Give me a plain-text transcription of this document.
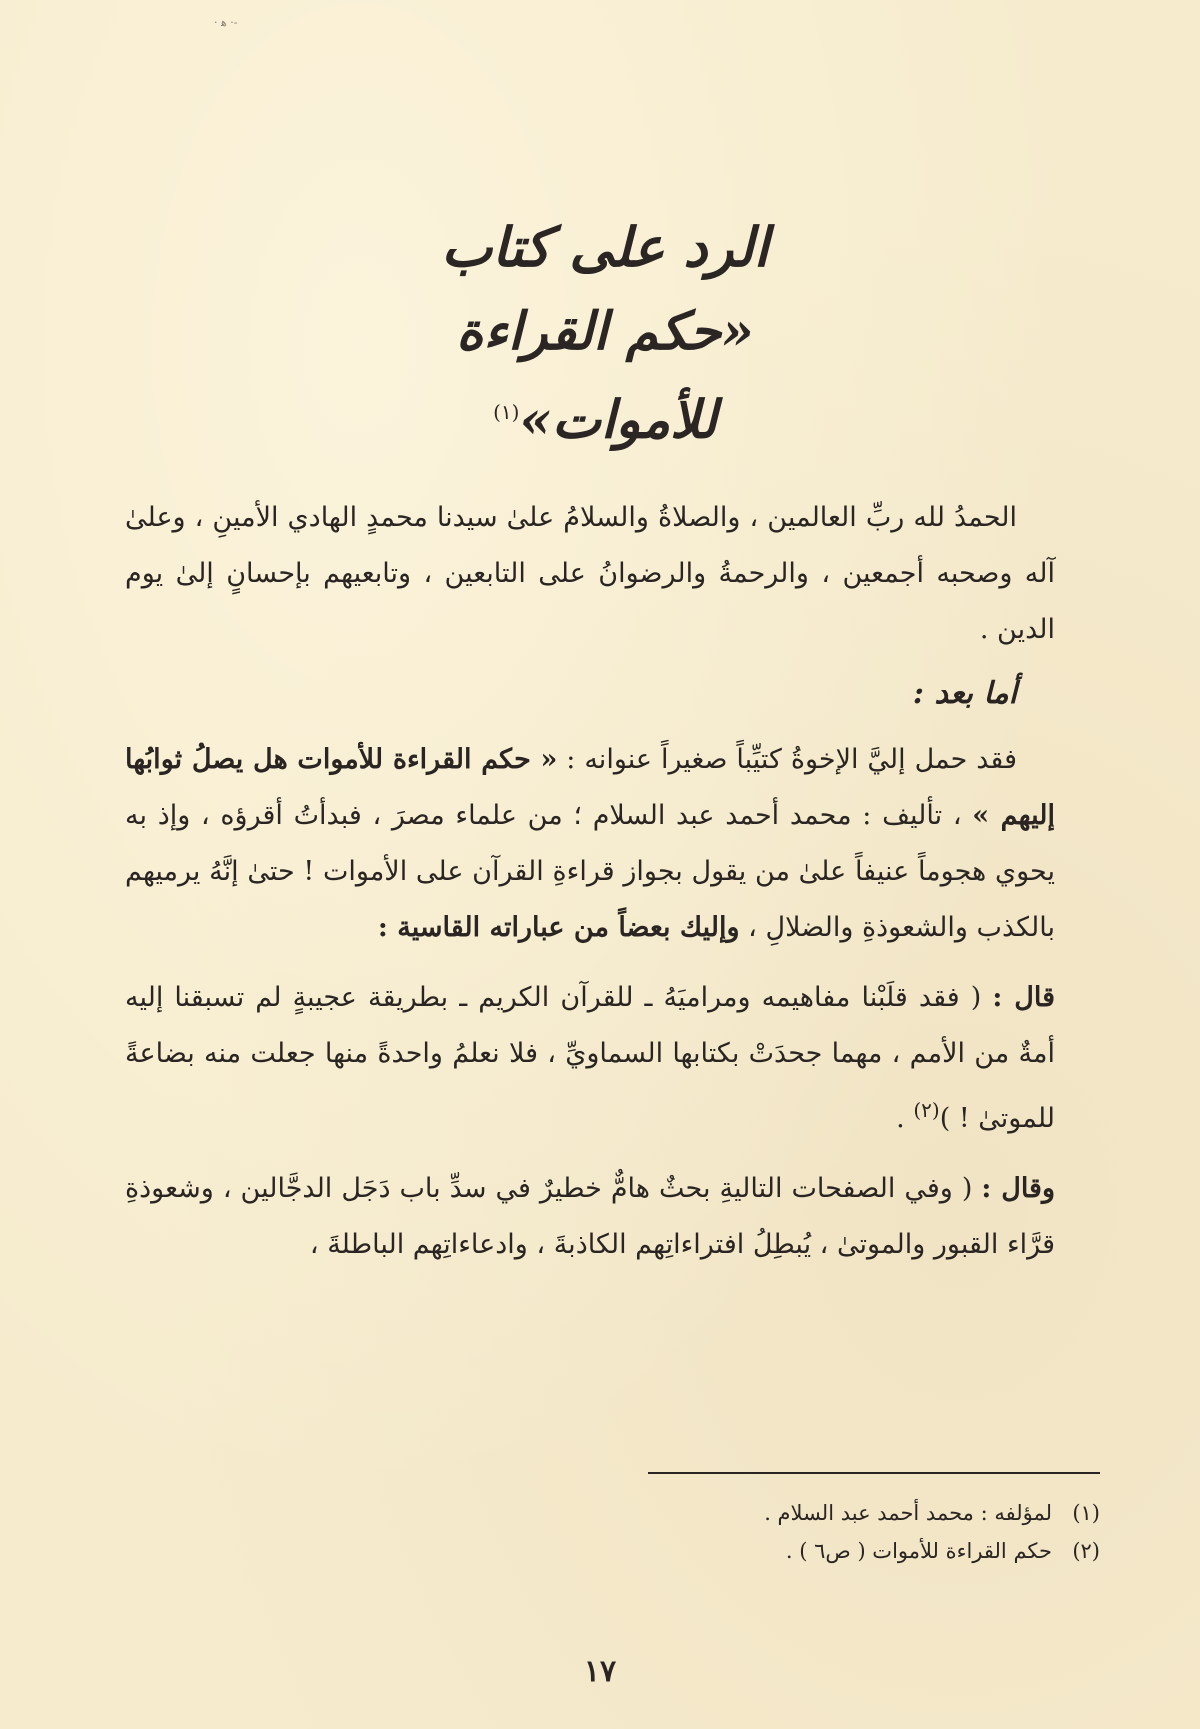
· ﻫ ·-
الرد على كتاب
«حكم القراءة للأموات»$^{(١)}$

الحمدُ لله ربِّ العالمين ، والصلاةُ والسلامُ علىٰ سيدنا محمدٍ الهادي الأمينِ ، وعلىٰ آله وصحبه أجمعين ، والرحمةُ والرضوانُ على التابعين ، وتابعيهم بإحسانٍ إلىٰ يوم الدين .

أما بعد :

فقد حمل إليَّ الإخوةُ كتيِّباً صغيراً عنوانه : « حكم القراءة للأموات هل يصلُ ثوابُها إليهم » ، تأليف : محمد أحمد عبد السلام ؛ من علماء مصرَ ، فبدأتُ أقرؤه ، وإذ به يحوي هجوماً عنيفاً علىٰ من يقول بجواز قراءةِ القرآن على الأموات ! حتىٰ إنَّهُ يرميهم بالكذب والشعوذةِ والضلالِ ، وإليك بعضاً من عباراته القاسية :

قال : ( فقد قلَبْنا مفاهيمه ومراميَهُ ـ للقرآن الكريم ـ بطريقة عجيبةٍ لم تسبقنا إليه أمةٌ من الأمم ، مهما جحدَتْ بكتابها السماويِّ ، فلا نعلمُ واحدةً منها جعلت منه بضاعةً للموتىٰ ! )$^{(٢)}$ .

وقال : ( وفي الصفحات التاليةِ بحثٌ هامٌّ خطيرٌ في سدِّ باب دَجَل الدجَّالين ، وشعوذةِ قرَّاء القبور والموتىٰ ، يُبطِلُ افتراءاتِهم الكاذبةَ ، وادعاءاتِهم الباطلةَ ،

(١)
لمؤلفه : محمد أحمد عبد السلام .
(٢)
حكم القراءة للأموات ( ص٦ ) .
١٧
